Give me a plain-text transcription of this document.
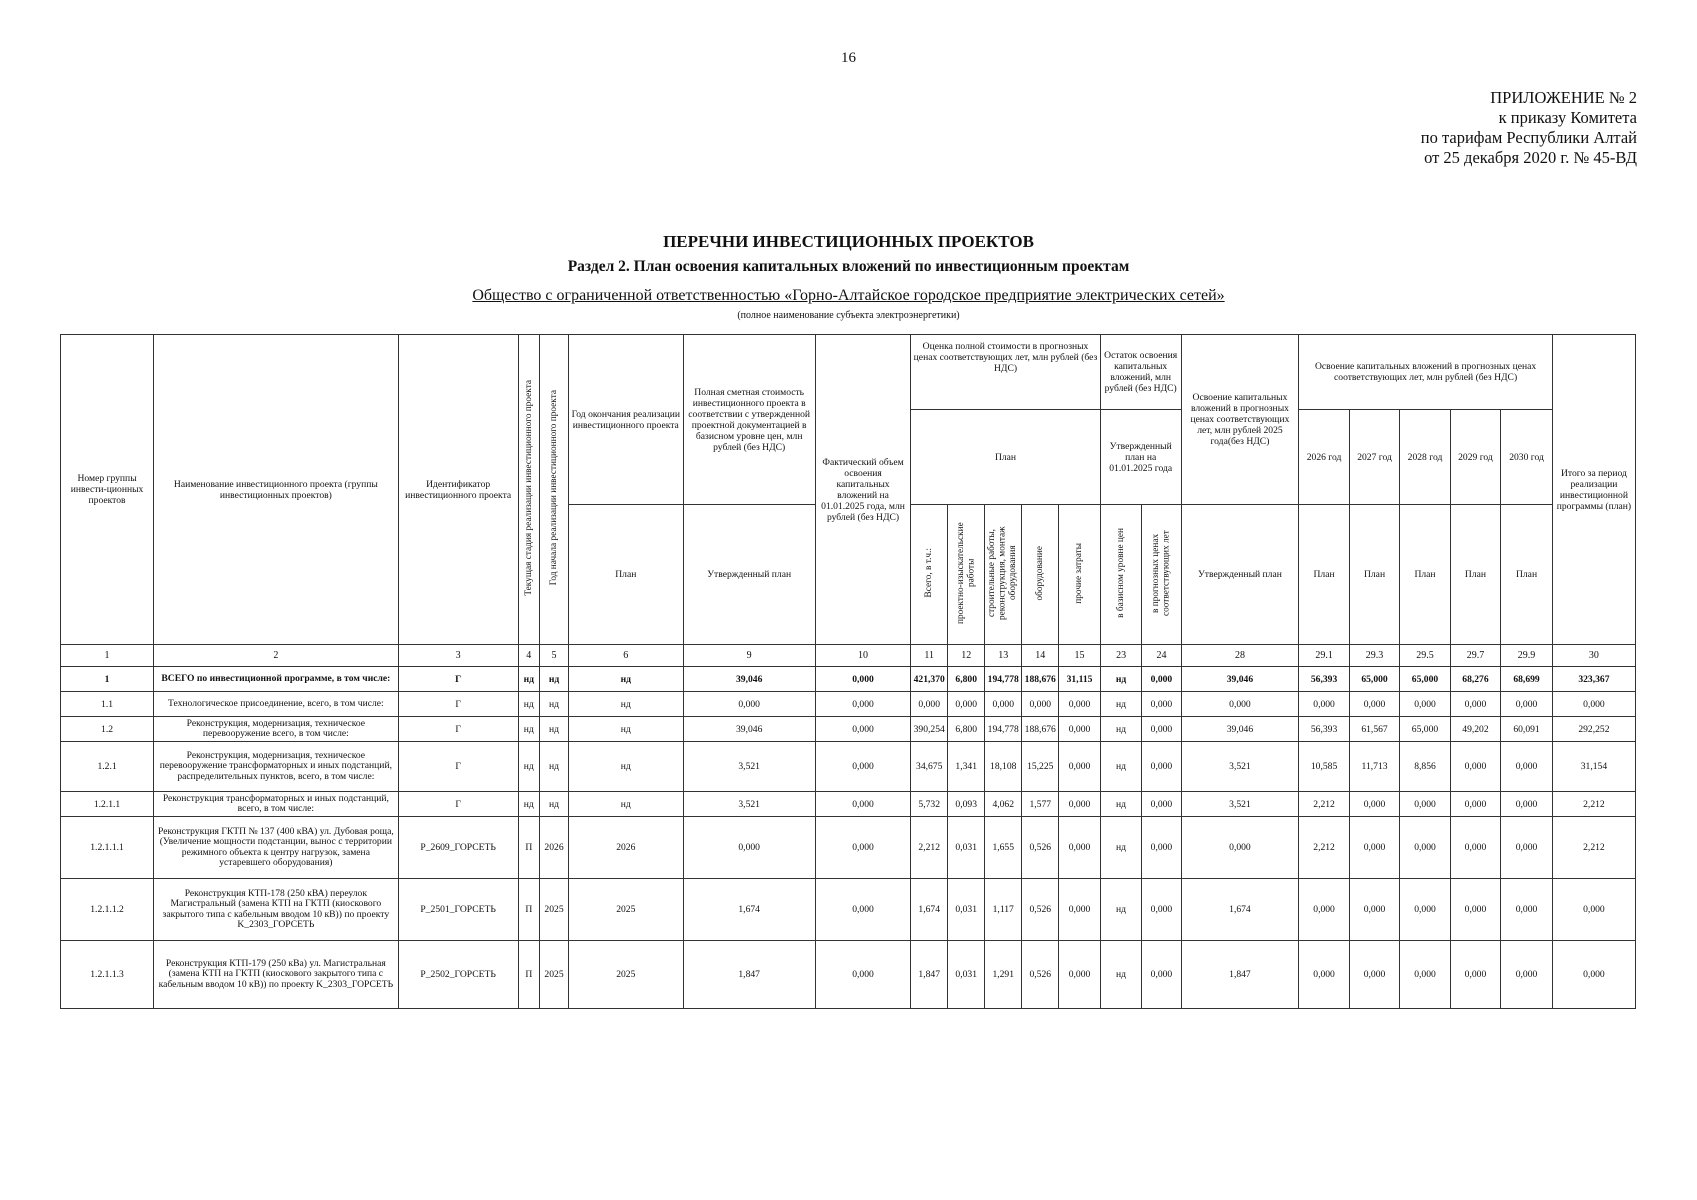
16
ПРИЛОЖЕНИЕ № 2
к приказу Комитета
по тарифам Республики Алтай
от 25 декабря 2020 г. № 45-ВД
ПЕРЕЧНИ ИНВЕСТИЦИОННЫХ ПРОЕКТОВ
Раздел 2. План освоения капитальных вложений по инвестиционным проектам
Общество с ограниченной ответственностью «Горно-Алтайское городское предприятие электрических сетей»
(полное наименование субъекта электроэнергетики)
Номер группы инвести-ционных проектов	Наименование инвестиционного проекта (группы инвестиционных проектов)	Идентификатор инвестиционного проекта	Текущая стадия реализации инвестиционного проекта	Год начала реализации инвестиционного проекта	Год окончания реализации инвестиционного проекта	Полная сметная стоимость инвестиционного проекта в соответствии с утвержденной проектной документацией в базисном уровне цен, млн рублей (без НДС)	Фактический объем освоения капитальных вложений на 01.01.2025 года, млн рублей (без НДС)	Оценка полной стоимости в прогнозных ценах соответствующих лет, млн рублей (без НДС)					Остаток освоения капитальных вложений, млн рублей (без НДС)		Освоение капитальных вложений в прогнозных ценах соответствующих лет, млн рублей 2025 года(без НДС)	Освоение капитальных вложений в прогнозных ценах соответствующих лет, млн рублей (без НДС)					Итого за период реализации инвестиционной программы (план)
								План					Утвержденный план на 01.01.2025 года			2026 год	2027 год	2028 год	2029 год	2030 год	
					План	Утвержденный план		Всего, в т.ч.:	проектно-изыскательские работы	строительные работы, реконструкция, монтаж оборудования	оборудование	прочие затраты	в базисном уровне цен	в прогнозных ценах соответствующих лет	Утвержденный план	План	План	План	План	План	
1	2	3	4	5	6	9	10	11	12	13	14	15	23	24	28	29.1	29.3	29.5	29.7	29.9	30
1	ВСЕГО по инвестиционной программе, в том числе:	Г	нд	нд	нд	39,046	0,000	421,370	6,800	194,778	188,676	31,115	нд	0,000	39,046	56,393	65,000	65,000	68,276	68,699	323,367
1.1	Технологическое присоединение, всего, в том числе:	Г	нд	нд	нд	0,000	0,000	0,000	0,000	0,000	0,000	0,000	нд	0,000	0,000	0,000	0,000	0,000	0,000	0,000	0,000
1.2	Реконструкция, модернизация, техническое перевооружение всего, в том числе:	Г	нд	нд	нд	39,046	0,000	390,254	6,800	194,778	188,676	0,000	нд	0,000	39,046	56,393	61,567	65,000	49,202	60,091	292,252
1.2.1	Реконструкция, модернизация, техническое перевооружение трансформаторных и иных подстанций, распределительных пунктов, всего, в том числе:	Г	нд	нд	нд	3,521	0,000	34,675	1,341	18,108	15,225	0,000	нд	0,000	3,521	10,585	11,713	8,856	0,000	0,000	31,154
1.2.1.1	Реконструкция трансформаторных и иных подстанций, всего, в том числе:	Г	нд	нд	нд	3,521	0,000	5,732	0,093	4,062	1,577	0,000	нд	0,000	3,521	2,212	0,000	0,000	0,000	0,000	2,212
1.2.1.1.1	Реконструкция ГКТП № 137 (400 кВА) ул. Дубовая роща, (Увеличение мощности подстанции, вынос с территории режимного объекта к центру нагрузок, замена устаревшего оборудования)	P_2609_ГОРСЕТЬ	П	2026	2026	0,000	0,000	2,212	0,031	1,655	0,526	0,000	нд	0,000	0,000	2,212	0,000	0,000	0,000	0,000	2,212
1.2.1.1.2	Реконструкция КТП-178 (250 кВА) переулок Магистральный (замена КТП на ГКТП (киоскового закрытого типа с кабельным вводом 10 кВ)) по проекту K_2303_ГОРСЕТЬ	P_2501_ГОРСЕТЬ	П	2025	2025	1,674	0,000	1,674	0,031	1,117	0,526	0,000	нд	0,000	1,674	0,000	0,000	0,000	0,000	0,000	0,000
1.2.1.1.3	Реконструкция КТП-179 (250 кВа) ул. Магистральная (замена КТП на ГКТП (киоскового закрытого типа с кабельным вводом 10 кВ)) по проекту K_2303_ГОРСЕТЬ	P_2502_ГОРСЕТЬ	П	2025	2025	1,847	0,000	1,847	0,031	1,291	0,526	0,000	нд	0,000	1,847	0,000	0,000	0,000	0,000	0,000	0,000
